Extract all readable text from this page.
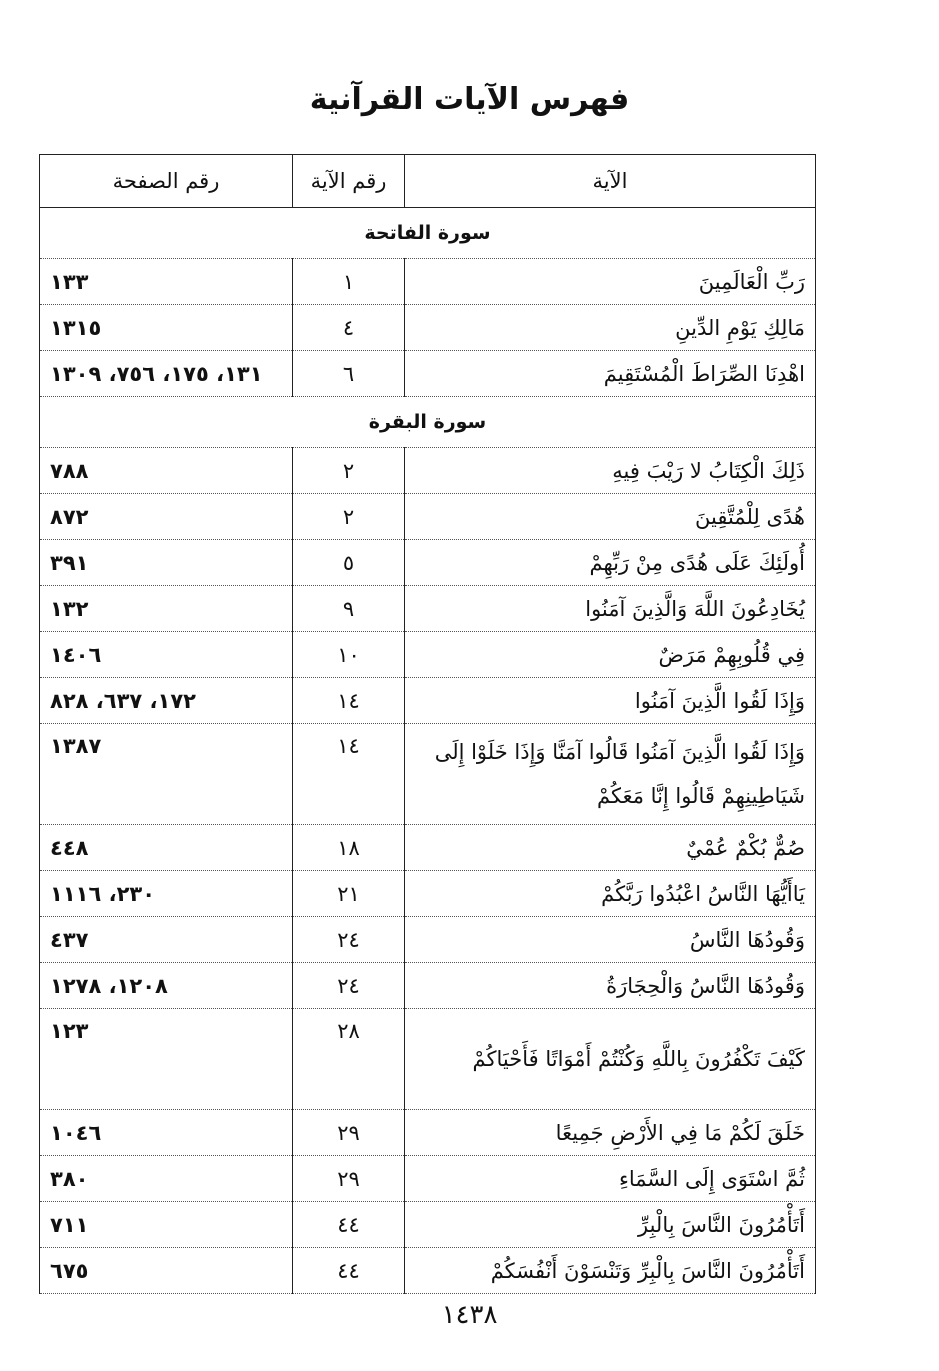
فهرس الآيات القرآنية
الآية	رقم الآية	رقم الصفحة
سورة الفاتحة		
رَبِّ الْعَالَمِينَ	١	١٣٣
مَالِكِ يَوْمِ الدِّينِ	٤	١٣١٥
اهْدِنَا الصِّرَاطَ الْمُسْتَقِيمَ	٦	١٣١، ١٧٥، ٧٥٦، ١٣٠٩
سورة البقرة		
ذَلِكَ الْكِتَابُ لا رَيْبَ فِيهِ	٢	٧٨٨
هُدًى لِلْمُتَّقِينَ	٢	٨٧٢
أُولَئِكَ عَلَى هُدًى مِنْ رَبِّهِمْ	٥	٣٩١
يُخَادِعُونَ اللَّهَ وَالَّذِينَ آمَنُوا	٩	١٣٢
فِي قُلُوبِهِمْ مَرَضٌ	١٠	١٤٠٦
وَإِذَا لَقُوا الَّذِينَ آمَنُوا	١٤	١٧٢، ٦٣٧، ٨٢٨
وَإِذَا لَقُوا الَّذِينَ آمَنُوا قَالُوا آمَنَّا وَإِذَا خَلَوْا إِلَى شَيَاطِينِهِمْ قَالُوا إِنَّا مَعَكُمْ	١٤	١٣٨٧
صُمٌّ بُكْمٌ عُمْيٌ	١٨	٤٤٨
يَاأَيُّهَا النَّاسُ اعْبُدُوا رَبَّكُمْ	٢١	٢٣٠، ١١١٦
وَقُودُهَا النَّاسُ	٢٤	٤٣٧
وَقُودُهَا النَّاسُ وَالْحِجَارَةُ	٢٤	١٢٠٨، ١٢٧٨
كَيْفَ تَكْفُرُونَ بِاللَّهِ وَكُنْتُمْ أَمْوَاتًا فَأَحْيَاكُمْ	٢٨	١٢٣
خَلَقَ لَكُمْ مَا فِي الأَرْضِ جَمِيعًا	٢٩	١٠٤٦
ثُمَّ اسْتَوَى إِلَى السَّمَاءِ	٢٩	٣٨٠
أَتَأْمُرُونَ النَّاسَ بِالْبِرِّ	٤٤	٧١١
أَتَأْمُرُونَ النَّاسَ بِالْبِرِّ وَتَنْسَوْنَ أَنْفُسَكُمْ	٤٤	٦٧٥
١٤٣٨
